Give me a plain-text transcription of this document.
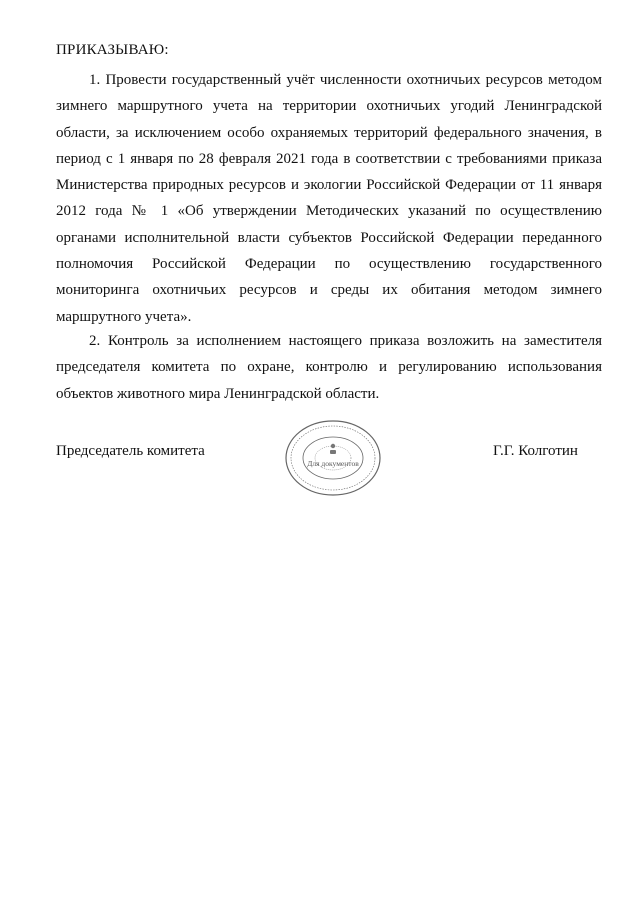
ПРИКАЗЫВАЮ:

1. Провести государственный учёт численности охотничьих ресурсов методом зимнего маршрутного учета на территории охотничьих угодий Ленинградской области, за исключением особо охраняемых территорий федерального значения, в период с 1 января по 28 февраля 2021 года в соответствии с требованиями приказа Министерства природных ресурсов и экологии Российской Федерации от 11 января 2012 года № 1 «Об утверждении Методических указаний по осуществлению органами исполнительной власти субъектов Российской Федерации переданного полномочия Российской Федерации по осуществлению государственного мониторинга охотничьих ресурсов и среды их обитания методом зимнего маршрутного учета».

2. Контроль за исполнением настоящего приказа возложить на заместителя председателя комитета по охране, контролю и регулированию использования объектов животного мира Ленинградской области.

Председатель комитета
Для документов
Г.Г. Колготин
